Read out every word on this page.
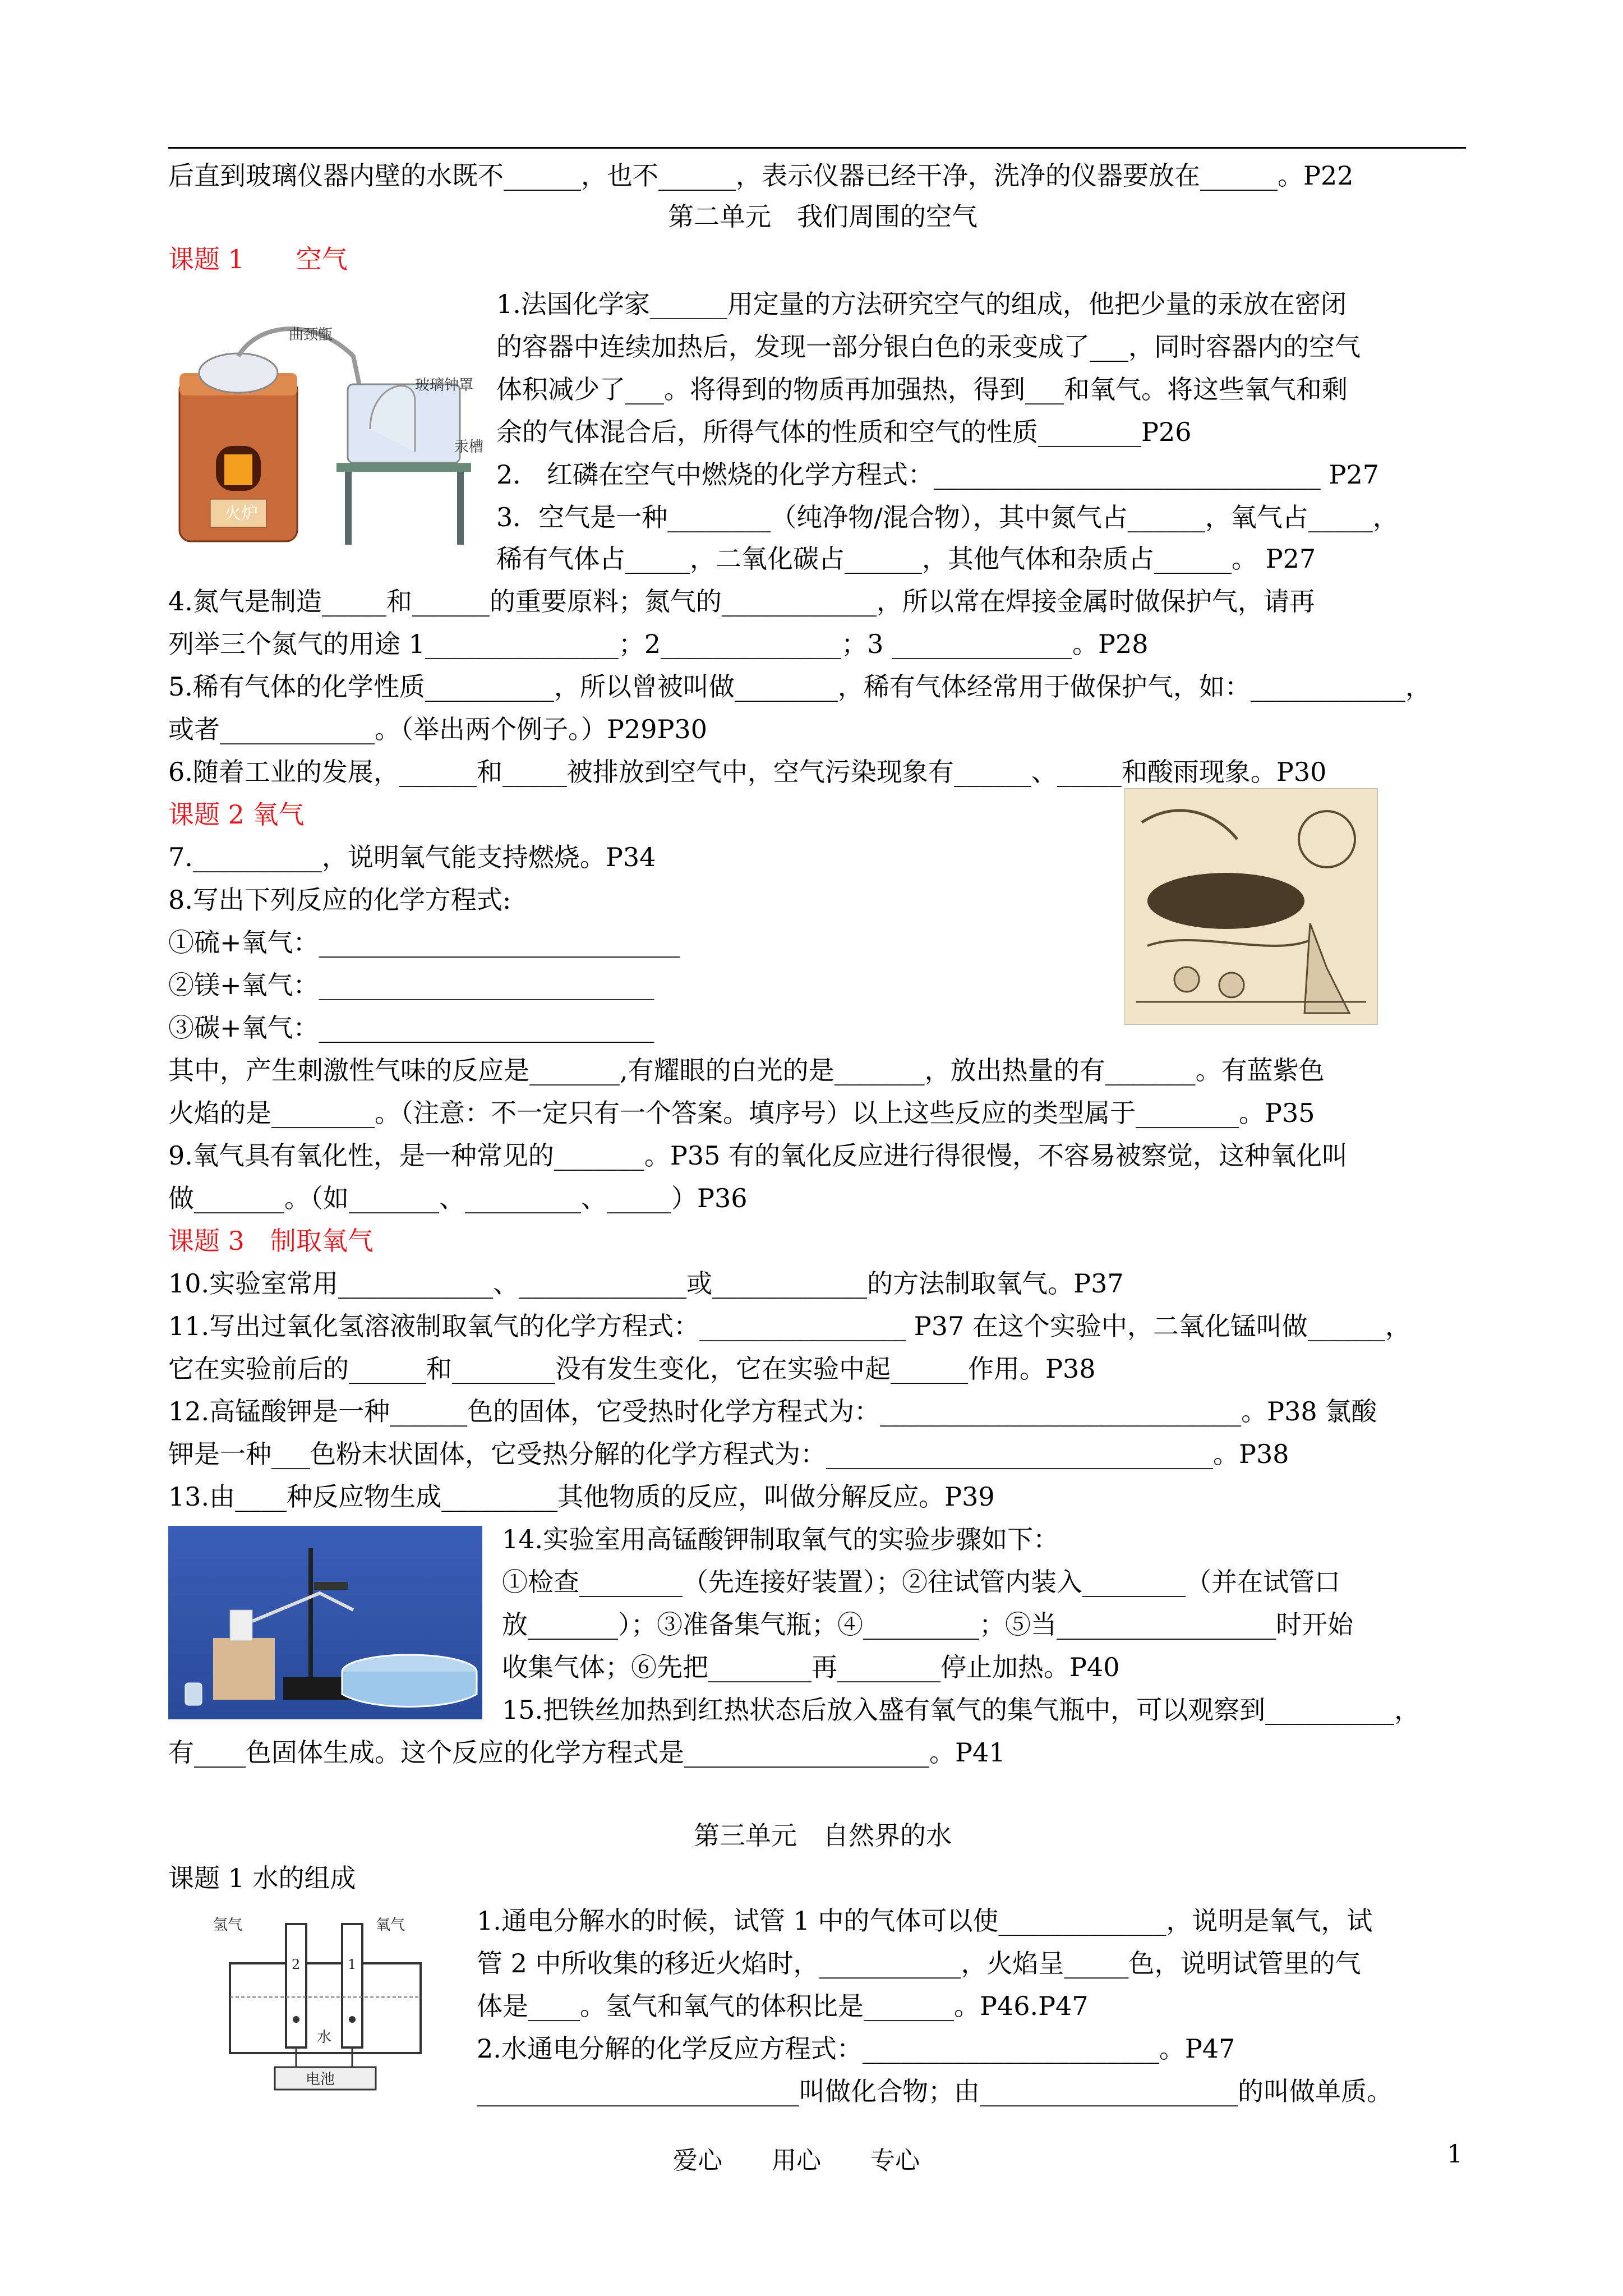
后直到玻璃仪器内壁的水既不______，也不______，表示仪器已经干净，洗净的仪器要放在______。P22
第二单元　我们周围的空气
课题 1　　空气
曲颈甑
玻璃钟罩
汞槽
火炉
1.法国化学家______用定量的方法研究空气的组成，他把少量的汞放在密闭
的容器中连续加热后，发现一部分银白色的汞变成了___，同时容器内的空气
体积减少了___。将得到的物质再加强热，得到___和氧气。将这些氧气和剩
余的气体混合后，所得气体的性质和空气的性质________P26
2． 红磷在空气中燃烧的化学方程式：______________________________ P27
3．空气是一种________（纯净物/混合物），其中氮气占______，氧气占_____，
稀有气体占_____，二氧化碳占______，其他气体和杂质占______。 P27
4.氮气是制造_____和______的重要原料；氮气的____________，所以常在焊接金属时做保护气，请再
列举三个氮气的用途 1_______________；2______________；3 ______________。P28
5.稀有气体的化学性质__________，所以曾被叫做________，稀有气体经常用于做保护气，如：____________，
或者____________。（举出两个例子。）P29P30
6.随着工业的发展，______和_____被排放到空气中，空气污染现象有______、_____和酸雨现象。P30
课题 2 氧气
7.__________，说明氧气能支持燃烧。P34
8.写出下列反应的化学方程式:
①硫+氧气：____________________________
②镁+氧气：__________________________
③碳+氧气：__________________________
其中，产生刺激性气味的反应是_______,有耀眼的白光的是_______，放出热量的有_______。有蓝紫色
火焰的是________。（注意：不一定只有一个答案。填序号）以上这些反应的类型属于________。P35
9.氧气具有氧化性，是一种常见的_______。P35 有的氧化反应进行得很慢，不容易被察觉，这种氧化叫
做_______。（如_______、_________、_____）P36
课题 3　制取氧气
10.实验室常用____________、_____________或____________的方法制取氧气。P37
11.写出过氧化氢溶液制取氧气的化学方程式：________________ P37 在这个实验中，二氧化锰叫做______，
它在实验前后的______和________没有发生变化，它在实验中起______作用。P38
12.高锰酸钾是一种______色的固体，它受热时化学方程式为：____________________________。P38 氯酸
钾是一种___色粉末状固体，它受热分解的化学方程式为：______________________________。P38
13.由____种反应物生成_________其他物质的反应，叫做分解反应。P39
14.实验室用高锰酸钾制取氧气的实验步骤如下：
①检查________（先连接好装置）；②往试管内装入________（并在试管口
放_______）；③准备集气瓶；④_________；⑤当_________________时开始
收集气体；⑥先把________再________停止加热。P40
15.把铁丝加热到红热状态后放入盛有氧气的集气瓶中，可以观察到__________，
有____色固体生成。这个反应的化学方程式是___________________。P41
第三单元　自然界的水
课题 1 水的组成
氢气	氧气
水
电池
2	1
1.通电分解水的时候，试管 1 中的气体可以使_____________，说明是氧气，试
管 2 中所收集的移近火焰时，___________，火焰呈_____色，说明试管里的气
体是____。氢气和氧气的体积比是_______。P46.P47
2.水通电分解的化学反应方程式：_______________________。P47
_________________________叫做化合物；由____________________的叫做单质。
爱心　　用心　　专心	1
